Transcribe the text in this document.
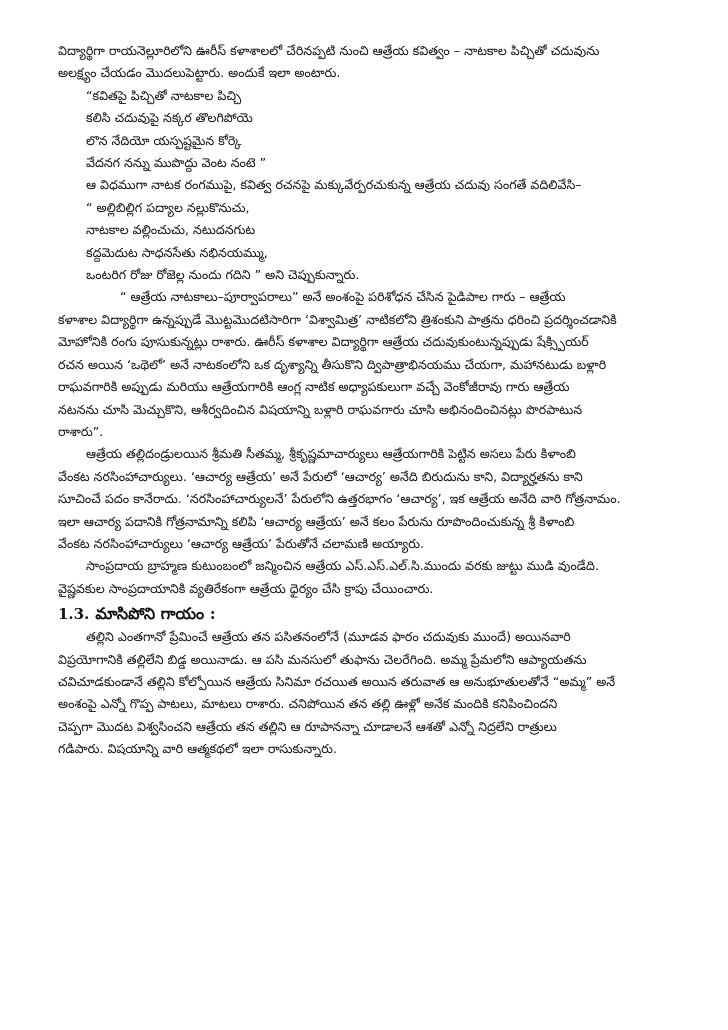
విద్యార్థిగా రాయనెల్లూరిలోని ఊరీస్ కళాశాలలో చేరినప్పటి నుంచి ఆత్రేయ కవిత్వం – నాటకాల పిచ్చితో చదువును

అలక్ష్యం చేయడం మొదలుపెట్టారు. అందుకే ఇలా అంటారు.

“కవితపై పిచ్చితో నాటకాల పిచ్చి

కలిసి చదువుపై నక్కర తొలగిపోయె

లొన నేదియో యస్పష్టమైన కోర్కె

వేదనగ నన్ను ముపొద్దు వెంట నంటె ”

ఆ విధముగా నాటక రంగముపై, కవిత్వ రచనపై మక్కువేర్పరచుకున్న ఆత్రేయ చదువు సంగతే వదిలివేసి–

“ అల్లిబిల్లిగ పద్యాల నల్లుకొనుచు,

నాటకాల వల్లించుచు, నటుదనగుట

కద్దమెదుట సాధనసేతు నభినయమ్ము,

ఒంటరిగ రోజు రోజెల్ల నుందు గదిని ” అని చెప్పుకున్నారు.

“ ఆత్రేయ నాటకాలు–పూర్వాపరాలు” అనే అంశంపై పరిశోధన చేసిన పైడిపాల గారు – ఆత్రేయ

కళాశాల విద్యార్థిగా ఉన్నప్పుడే మొట్టమొదటిసారిగా ‘విశ్వామిత్ర’ నాటికలోని త్రిశంకుని పాత్రను ధరించి ప్రదర్శించడానికి

మోహోనికి రంగు పూసుకున్నట్లు రాశారు. ఊరీస్ కళాశాల విద్యార్థిగా ఆత్రేయ చదువుకుంటున్నప్పుడు షేక్స్పియర్

రచన అయిన ‘ఒథెలో’ అనే నాటకంలోని ఒక దృశ్యాన్ని తీసుకొని ద్విపాత్రాభినయము చేయగా, మహానటుడు బళ్లారి

రాఘవగారికి అప్పుడు మరియు ఆత్రేయగారికి ఆంగ్ల నాటిక అధ్యాపకులుగా వచ్చే వెంకోజీరావు గారు ఆత్రేయ

నటనను చూసి మెచ్చుకొని, ఆశీర్వదించిన విషయాన్ని బళ్లారి రాఘవగారు చూసి అభినందించినట్లు పొరపాటున

రాశారు”.

ఆత్రేయ తల్లిదండ్రులయిన శ్రీమతి సీతమ్మ, శ్రీకృష్ణమాచార్యులు ఆత్రేయగారికి పెట్టిన అసలు పేరు కిళాంబి

వేంకట నరసింహాచార్యులు. ‘ఆచార్య ఆత్రేయ’ అనే పేరులో ‘ఆచార్య’ అనేది బిరుదును కాని, విద్యార్హతను కాని

సూచించే పదం కానేరాదు. ‘నరసింహాచార్యులనే’ పేరులోని ఉత్తరభాగం ‘ఆచార్య’, ఇక ఆత్రేయ అనేది వారి గోత్రనామం.

ఇలా ఆచార్య పదానికి గోత్రనామాన్ని కలిపి ‘ఆచార్య ఆత్రేయ’ అనే కలం పేరును రూపొందించుకున్న శ్రీ కిళాంబి

వేంకట నరసింహాచార్యులు ‘ఆచార్య ఆత్రేయ’ పేరుతోనే చలామణి అయ్యారు.

సాంప్రదాయ బ్రాహ్మణ కుటుంబంలో జన్మించిన ఆత్రేయ ఎస్.ఎస్.ఎల్.సి.ముందు వరకు జుట్టు ముడి వుండేది.

వైష్ణవకుల సాంప్రదాయానికి వ్యతిరేకంగా ఆత్రేయ ధైర్యం చేసి క్రాపు చేయించారు.

1.3. మాసిపోని గాయం :

తల్లిని ఎంతగానో ప్రేమించే ఆత్రేయ తన పసితనంలోనే (మూడవ ఫారం చదువుకు ముందే) అయినవారి

విప్రయోగానికి తల్లిలేని బిడ్డ అయినాడు. ఆ పసి మనసులో తుఫాను చెలరేగింది. అమ్మ ప్రేమలోని ఆప్యాయతను

చవిచూడకుండానే తల్లిని కోల్పోయిన ఆత్రేయ సినిమా రచయిత అయిన తరువాత ఆ అనుభూతులతోనే “అమ్మ” అనే

అంశంపై ఎన్నో గొప్ప పాటలు, మాటలు రాశారు. చనిపోయిన తన తల్లి ఊళ్లో అనేక మందికి కనిపించిందని

చెప్పగా మొదట విశ్వసించని ఆత్రేయ తన తల్లిని ఆ రూపానన్నా చూడాలనే ఆశతో ఎన్నో నిద్రలేని రాత్రులు

గడిపారు. విషయాన్ని వారి ఆత్మకథలో ఇలా రాసుకున్నారు.
